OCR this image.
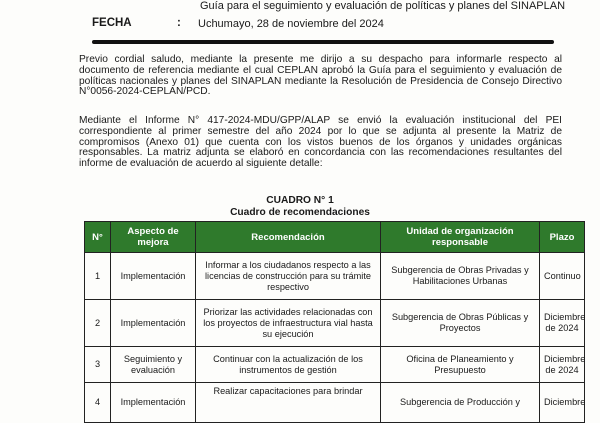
Guía para el seguimiento y evaluación de políticas y planes del SINAPLAN
FECHA	: Uchumayo, 28 de noviembre del 2024

Previo cordial saludo, mediante la presente me dirijo a su despacho para informarle respecto al documento de referencia mediante el cual CEPLAN aprobó la Guía para el seguimiento y evaluación de políticas nacionales y planes del SINAPLAN mediante la Resolución de Presidencia de Consejo Directivo N°0056-2024-CEPLAN/PCD.

Mediante el Informe N° 417-2024-MDU/GPP/ALAP se envió la evaluación institucional del PEI correspondiente al primer semestre del año 2024 por lo que se adjunta al presente la Matriz de compromisos (Anexo 01) que cuenta con los vistos buenos de los órganos y unidades orgánicas responsables. La matriz adjunta se elaboró en concordancia con las recomendaciones resultantes del informe de evaluación de acuerdo al siguiente detalle:

CUADRO N° 1
Cuadro de recomendaciones
N°	Aspecto de mejora	Recomendación	Unidad de organización responsable	Plazo
1	Implementación	Informar a los ciudadanos respecto a las licencias de construcción para su trámite respectivo	Subgerencia de Obras Privadas y Habilitaciones Urbanas	Continuo
2	Implementación	Priorizar las actividades relacionadas con los proyectos de infraestructura vial hasta su ejecución	Subgerencia de Obras Públicas y Proyectos	Diciembre de 2024
3	Seguimiento y evaluación	Continuar con la actualización de los instrumentos de gestión	Oficina de Planeamiento y Presupuesto	Diciembre de 2024
4	Implementación	Realizar capacitaciones para brindar	Subgerencia de Producción y	Diciembre
